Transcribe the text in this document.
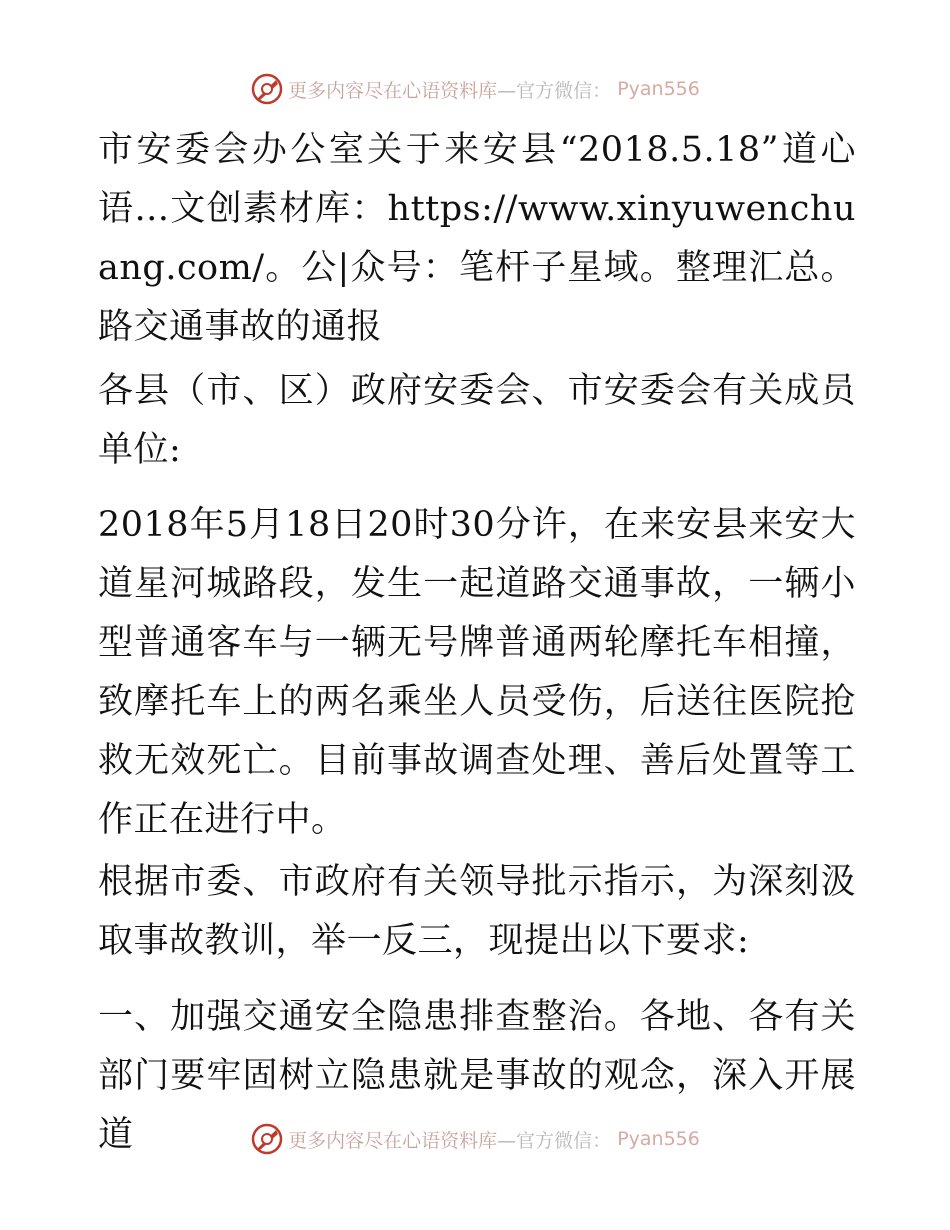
更多内容尽在心语资料库 —官方微信： Pyan556

市安委会办公室关于来安县“2018.5.18”道心语…文创素材库：https://www.xinyuwenchuang.com/。公|众号：笔杆子星域。整理汇总。路交通事故的通报

各县（市、区）政府安委会、市安委会有关成员单位:

2018年5月18日20时30分许，在来安县来安大道星河城路段，发生一起道路交通事故，一辆小型普通客车与一辆无号牌普通两轮摩托车相撞，致摩托车上的两名乘坐人员受伤，后送往医院抢救无效死亡。目前事故调查处理、善后处置等工作正在进行中。

根据市委、市政府有关领导批示指示，为深刻汲取事故教训，举一反三，现提出以下要求:

一、加强交通安全隐患排查整治。各地、各有关部门要牢固树立隐患就是事故的观念，深入开展道	更多内容尽在心语资料库 —官方微信： Pyan556
